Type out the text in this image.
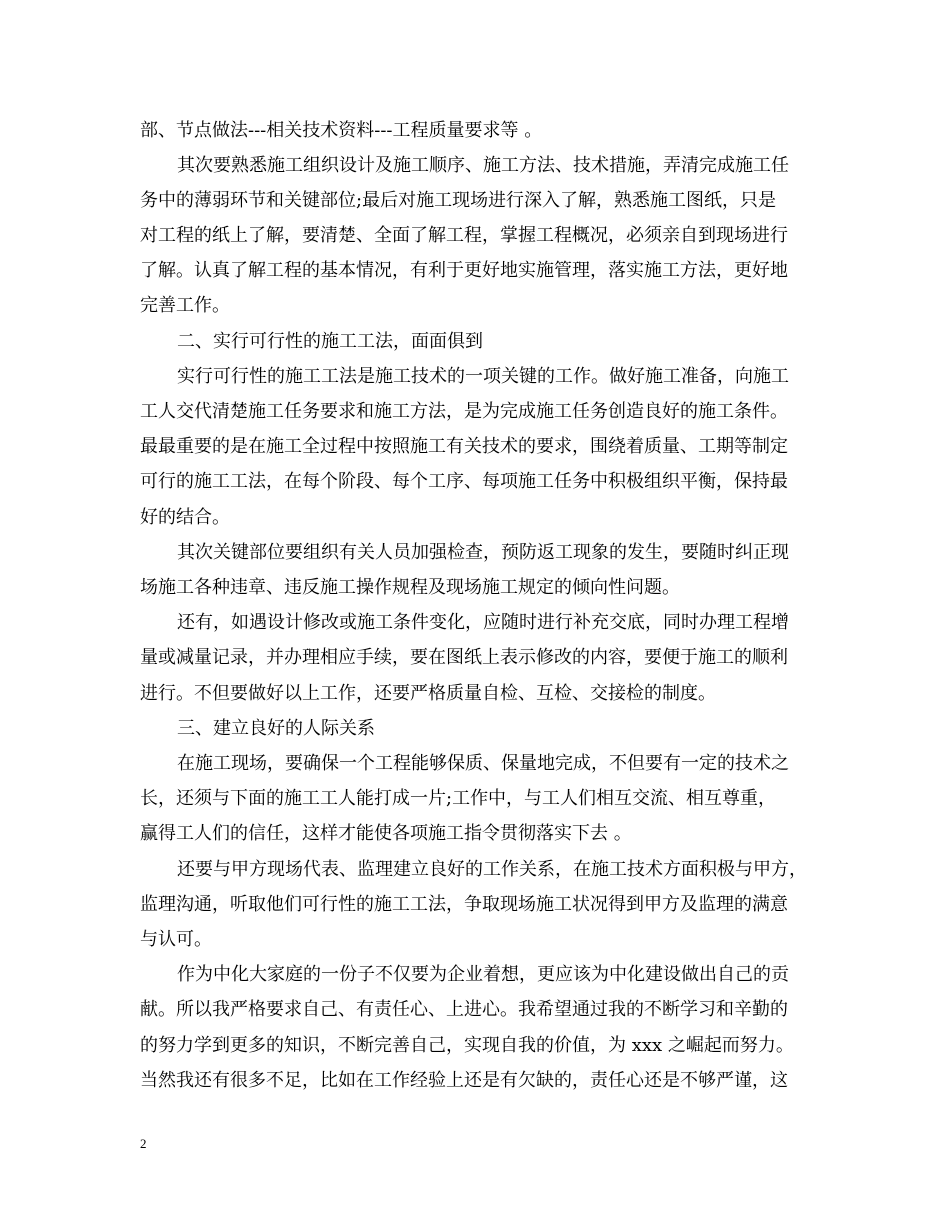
部、节点做法---相关技术资料---工程质量要求等 。
其次要熟悉施工组织设计及施工顺序、施工方法、技术措施，弄清完成施工任
务中的薄弱环节和关键部位;最后对施工现场进行深入了解，熟悉施工图纸，只是
对工程的纸上了解，要清楚、全面了解工程，掌握工程概况，必须亲自到现场进行
了解。认真了解工程的基本情况，有利于更好地实施管理，落实施工方法，更好地
完善工作。
二、实行可行性的施工工法，面面俱到
实行可行性的施工工法是施工技术的一项关键的工作。做好施工准备，向施工
工人交代清楚施工任务要求和施工方法，是为完成施工任务创造良好的施工条件。
最最重要的是在施工全过程中按照施工有关技术的要求，围绕着质量、工期等制定
可行的施工工法，在每个阶段、每个工序、每项施工任务中积极组织平衡，保持最
好的结合。
其次关键部位要组织有关人员加强检查，预防返工现象的发生，要随时纠正现
场施工各种违章、违反施工操作规程及现场施工规定的倾向性问题。
还有，如遇设计修改或施工条件变化，应随时进行补充交底，同时办理工程增
量或减量记录，并办理相应手续，要在图纸上表示修改的内容，要便于施工的顺利
进行。不但要做好以上工作，还要严格质量自检、互检、交接检的制度。
三、建立良好的人际关系
在施工现场，要确保一个工程能够保质、保量地完成，不但要有一定的技术之
长，还须与下面的施工工人能打成一片;工作中，与工人们相互交流、相互尊重，
赢得工人们的信任，这样才能使各项施工指令贯彻落实下去 。
还要与甲方现场代表、监理建立良好的工作关系，在施工技术方面积极与甲方，
监理沟通，听取他们可行性的施工工法，争取现场施工状况得到甲方及监理的满意
与认可。
作为中化大家庭的一份子不仅要为企业着想，更应该为中化建设做出自己的贡
献。所以我严格要求自己、有责任心、上进心。我希望通过我的不断学习和辛勤的
的努力学到更多的知识，不断完善自己，实现自我的价值，为 xxx 之崛起而努力。
当然我还有很多不足，比如在工作经验上还是有欠缺的，责任心还是不够严谨，这
2
